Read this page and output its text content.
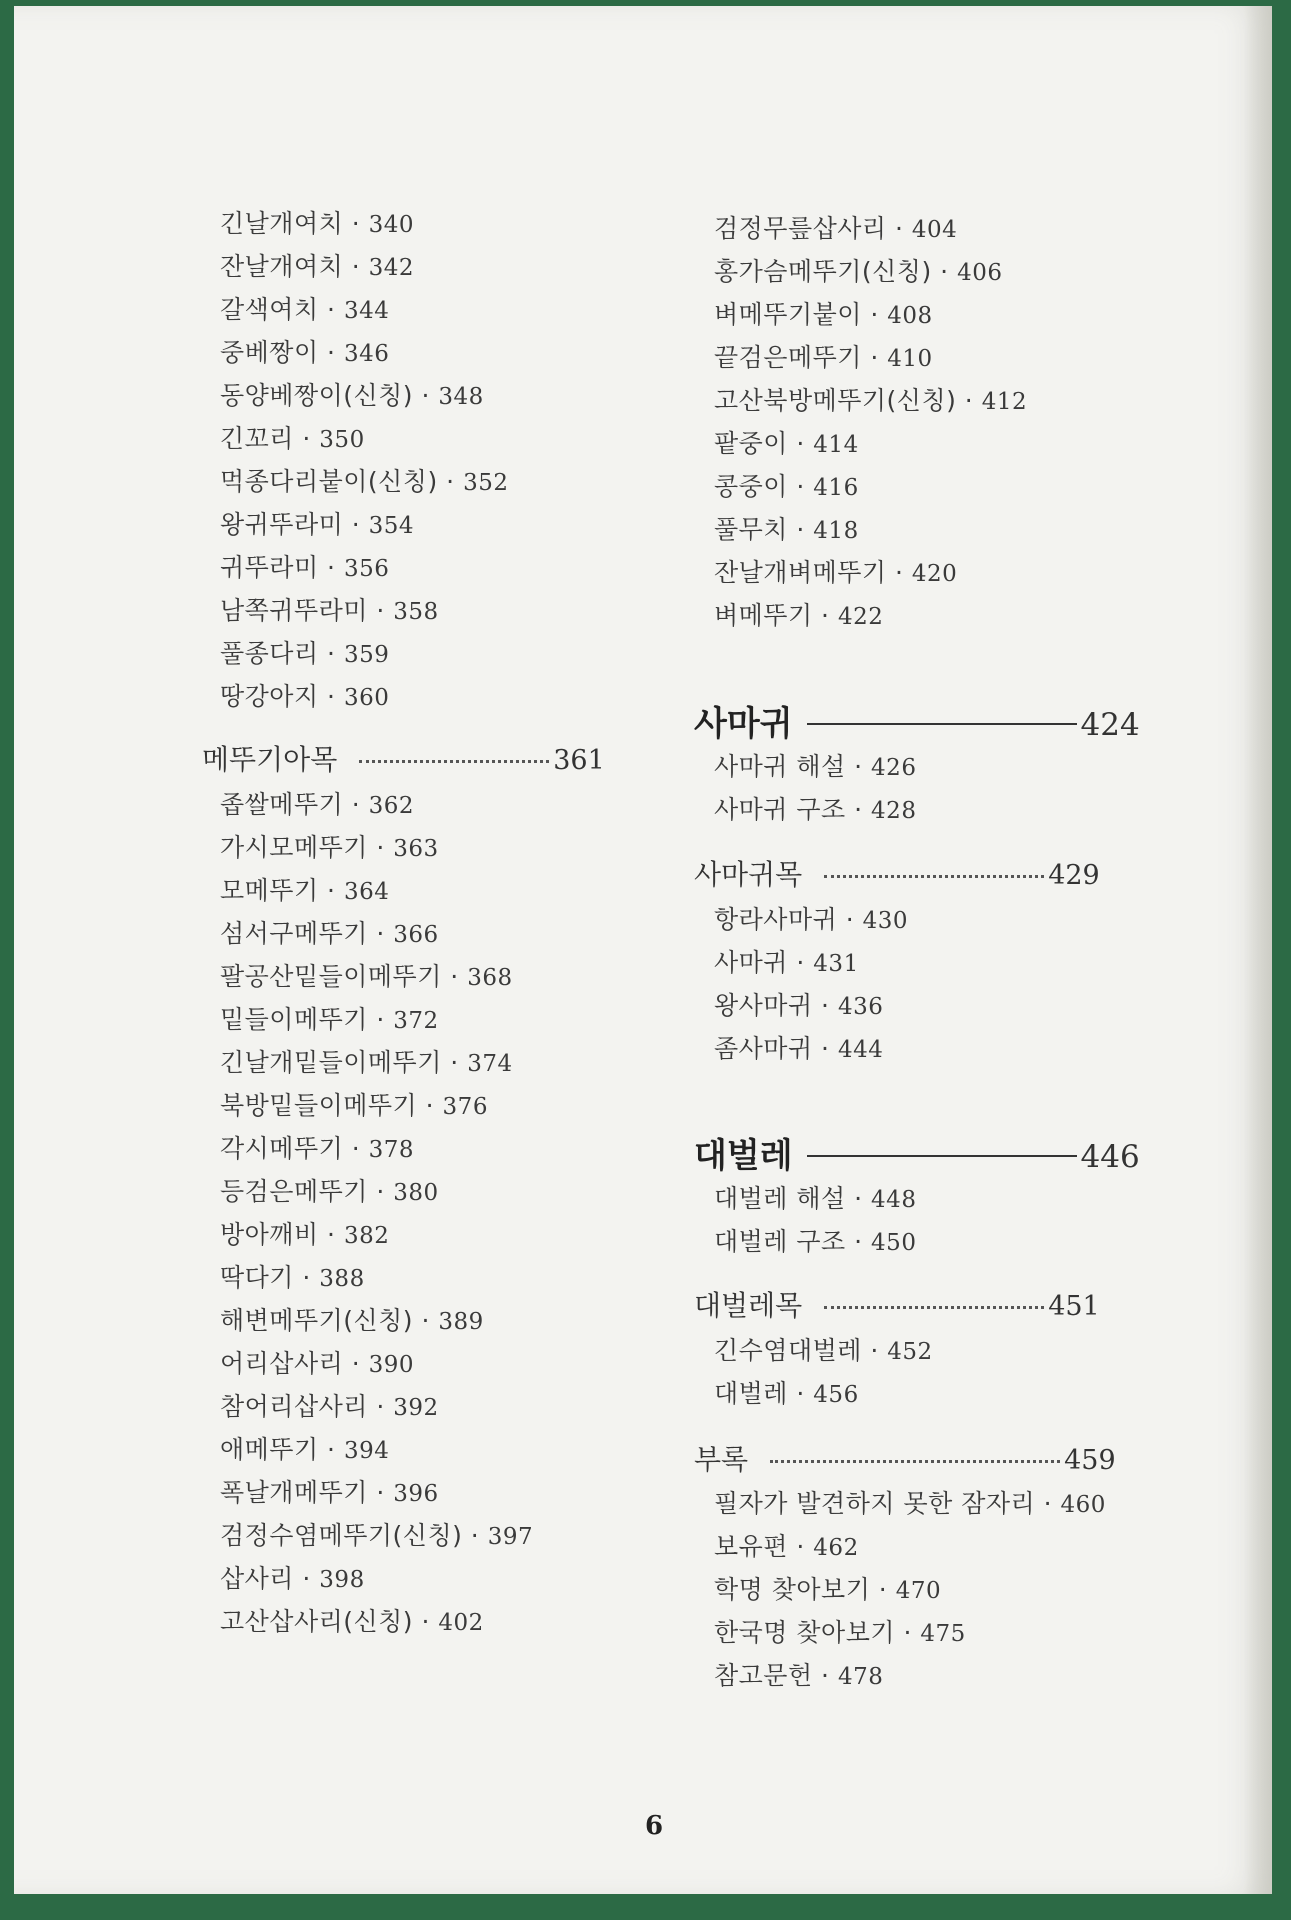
긴날개여치 · 340
잔날개여치 · 342
갈색여치 · 344
중베짱이 · 346
동양베짱이(신칭) · 348
긴꼬리 · 350
먹종다리붙이(신칭) · 352
왕귀뚜라미 · 354
귀뚜라미 · 356
남쪽귀뚜라미 · 358
풀종다리 · 359
땅강아지 · 360
메뚜기아목	361
좁쌀메뚜기 · 362
가시모메뚜기 · 363
모메뚜기 · 364
섬서구메뚜기 · 366
팔공산밑들이메뚜기 · 368
밑들이메뚜기 · 372
긴날개밑들이메뚜기 · 374
북방밑들이메뚜기 · 376
각시메뚜기 · 378
등검은메뚜기 · 380
방아깨비 · 382
딱다기 · 388
해변메뚜기(신칭) · 389
어리삽사리 · 390
참어리삽사리 · 392
애메뚜기 · 394
폭날개메뚜기 · 396
검정수염메뚜기(신칭) · 397
삽사리 · 398
고산삽사리(신칭) · 402
검정무릎삽사리 · 404
홍가슴메뚜기(신칭) · 406
벼메뚜기붙이 · 408
끝검은메뚜기 · 410
고산북방메뚜기(신칭) · 412
팥중이 · 414
콩중이 · 416
풀무치 · 418
잔날개벼메뚜기 · 420
벼메뚜기 · 422
사마귀	424
사마귀 해설 · 426
사마귀 구조 · 428
사마귀목	429
항라사마귀 · 430
사마귀 · 431
왕사마귀 · 436
좀사마귀 · 444
대벌레	446
대벌레 해설 · 448
대벌레 구조 · 450
대벌레목	451
긴수염대벌레 · 452
대벌레 · 456
부록	459
필자가 발견하지 못한 잠자리 · 460
보유편 · 462
학명 찾아보기 · 470
한국명 찾아보기 · 475
참고문헌 · 478
6
